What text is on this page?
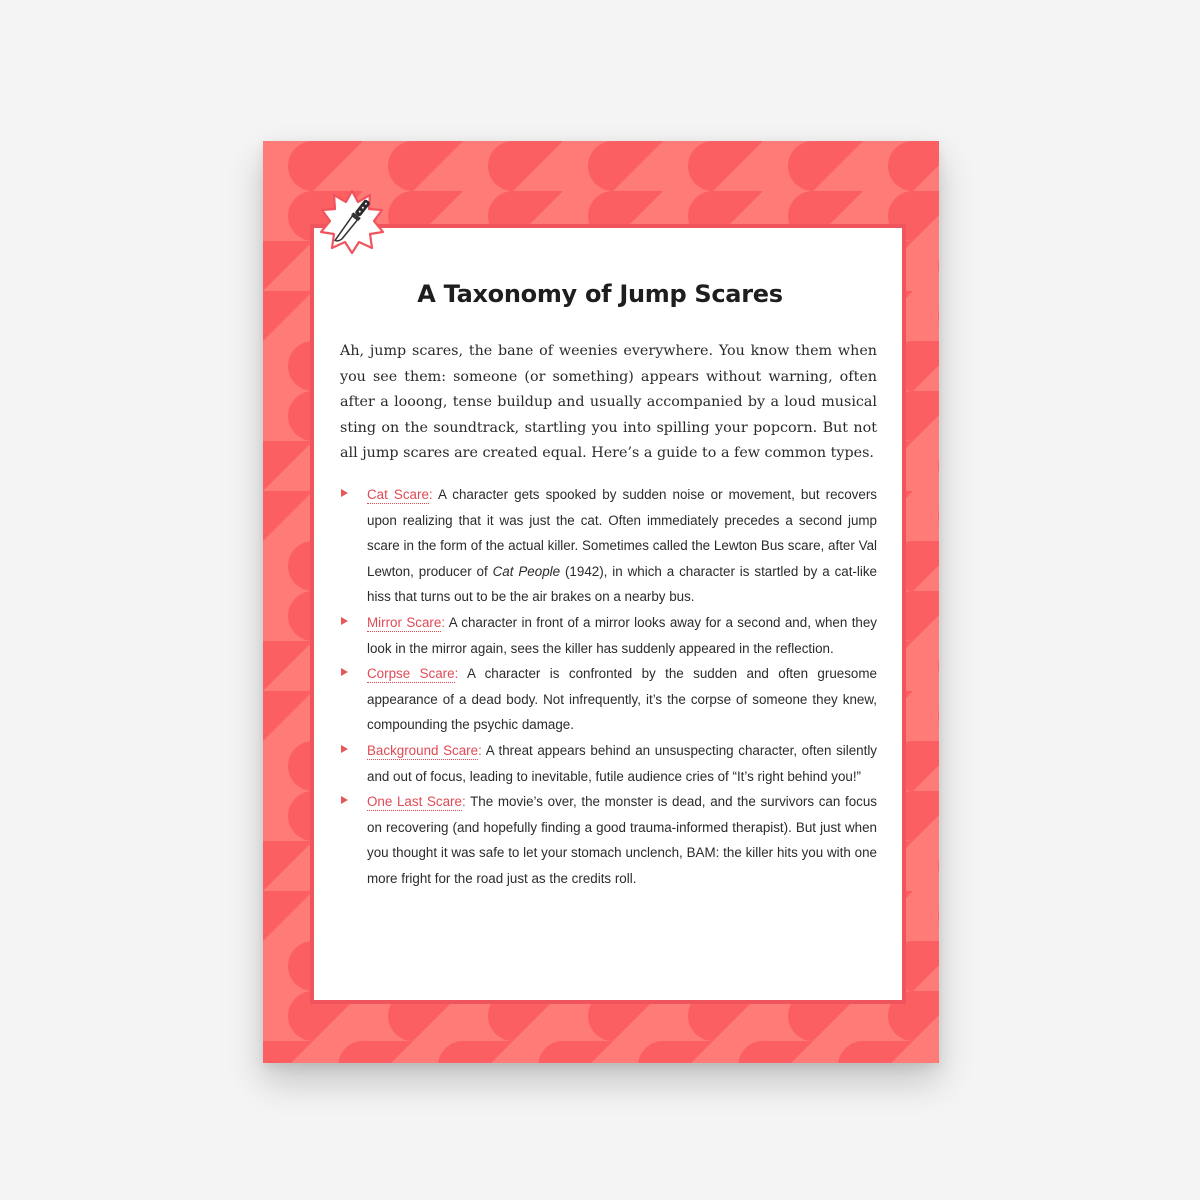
A Taxonomy of Jump Scares

Ah, jump scares, the bane of weenies everywhere. You know them when you see them: someone (or something) appears without warning, often after a looong, tense buildup and usually accompanied by a loud musical sting on the soundtrack, startling you into spilling your popcorn. But not all jump scares are created equal. Here’s a guide to a few common types.

Cat Scare: A character gets spooked by sudden noise or movement, but recovers upon realizing that it was just the cat. Often immediately precedes a second jump scare in the form of the actual killer. Sometimes called the Lewton Bus scare, after Val Lewton, producer of Cat People (1942), in which a character is startled by a cat-like hiss that turns out to be the air brakes on a nearby bus.
Mirror Scare: A character in front of a mirror looks away for a second and, when they look in the mirror again, sees the killer has suddenly appeared in the reflection.
Corpse Scare: A character is confronted by the sudden and often gruesome appearance of a dead body. Not infrequently, it’s the corpse of someone they knew, compounding the psychic damage.
Background Scare: A threat appears behind an unsuspecting character, often silently and out of focus, leading to inevitable, futile audience cries of “It’s right behind you!”
One Last Scare: The movie’s over, the monster is dead, and the survivors can focus on recovering (and hopefully finding a good trauma-informed therapist). But just when you thought it was safe to let your stomach unclench, BAM: the killer hits you with one more fright for the road just as the credits roll.
